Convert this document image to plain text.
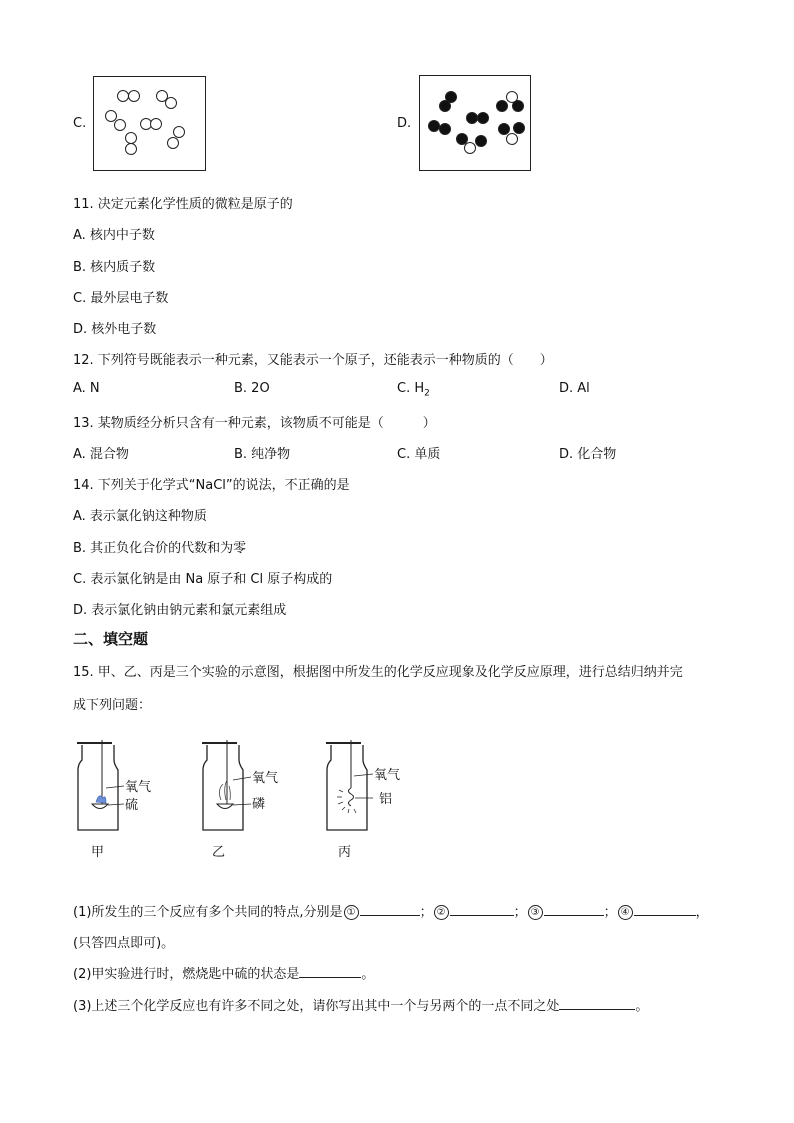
C.	D.
11. 决定元素化学性质的微粒是原子的
A. 核内中子数
B. 核内质子数
C. 最外层电子数
D. 核外电子数
12. 下列符号既能表示一种元素，又能表示一个原子，还能表示一种物质的（　　）
A. N	B. 2O	C. $H_2$	D. Al
13. 某物质经分析只含有一种元素，该物质不可能是（　　　）
A. 混合物	B. 纯净物	C. 单质	D. 化合物
14. 下列关于化学式“NaCl”的说法，不正确的是
A. 表示氯化钠这种物质
B. 其正负化合价的代数和为零
C. 表示氯化钠是由 Na 原子和 Cl 原子构成的
D. 表示氯化钠由钠元素和氯元素组成
二、填空题
15. 甲、乙、丙是三个实验的示意图，根据图中所发生的化学反应现象及化学反应原理，进行总结归纳并完
成下列问题：
氧气
硫
甲
氧气
磷
乙
氧气
铝
丙
(1)所发生的三个反应有多个共同的特点,分别是 ①	； ②	； ③	； ④	，
(只答四点即可)。
(2)甲实验进行时，燃烧匙中硫的状态是	。
(3)上述三个化学反应也有许多不同之处，请你写出其中一个与另两个的一点不同之处	。
